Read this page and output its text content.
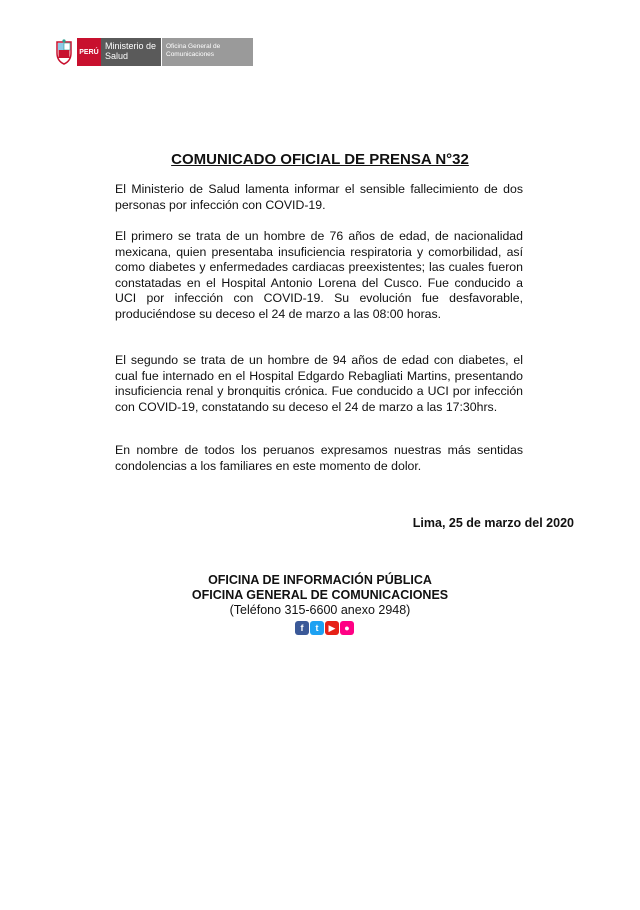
PERÚ
Ministerio de Salud
Oficina General de Comunicaciones
COMUNICADO OFICIAL DE PRENSA N°32
El Ministerio de Salud lamenta informar el sensible fallecimiento de dos personas por infección con COVID-19.
El primero se trata de un hombre de 76 años de edad, de nacionalidad mexicana, quien presentaba insuficiencia respiratoria y comorbilidad, así como diabetes y enfermedades cardiacas preexistentes; las cuales fueron constatadas en el Hospital Antonio Lorena del Cusco. Fue conducido a UCI por infección con COVID-19. Su evolución fue desfavorable, produciéndose su deceso el 24 de marzo a las 08:00 horas.
El segundo se trata de un hombre de 94 años de edad con diabetes, el cual fue internado en el Hospital Edgardo Rebagliati Martins, presentando insuficiencia renal y bronquitis crónica. Fue conducido a UCI por infección con COVID-19, constatando su deceso el 24 de marzo a las 17:30hrs.
En nombre de todos los peruanos expresamos nuestras más sentidas condolencias a los familiares en este momento de dolor.
Lima, 25 de marzo del 2020
OFICINA DE INFORMACIÓN PÚBLICA
OFICINA GENERAL DE COMUNICACIONES
(Teléfono 315-6600 anexo 2948)
f	t	▶ ●
